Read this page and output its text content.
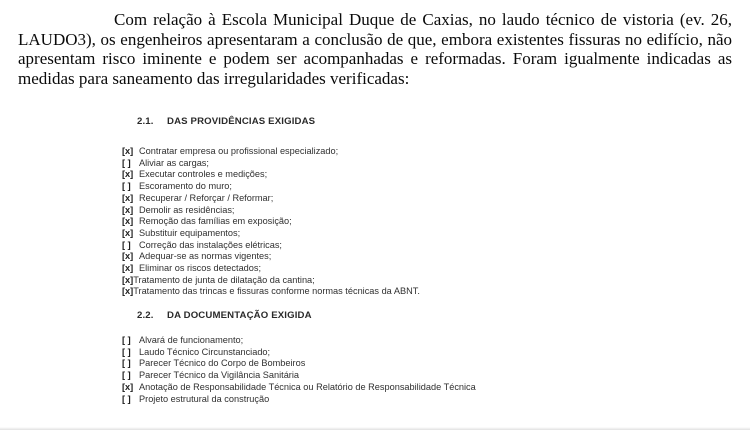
Com relação à Escola Municipal Duque de Caxias, no laudo técnico de vistoria (ev. 26, LAUDO3), os engenheiros apresentaram a conclusão de que, embora existentes fissuras no edifício, não apresentam risco iminente e podem ser acompanhadas e reformadas. Foram igualmente indicadas as medidas para saneamento das irregularidades verificadas:

2.1. DAS PROVIDÊNCIAS EXIGIDAS
[x] Contratar empresa ou profissional especializado;
[ ] Aliviar as cargas;
[x] Executar controles e medições;
[ ] Escoramento do muro;
[x] Recuperar / Reforçar / Reformar;
[x] Demolir as residências;
[x] Remoção das famílias em exposição;
[x] Substituir equipamentos;
[ ] Correção das instalações elétricas;
[x] Adequar-se as normas vigentes;
[x] Eliminar os riscos detectados;
[x]Tratamento de junta de dilatação da cantina;
[x]Tratamento das trincas e fissuras conforme normas técnicas da ABNT.
2.2. DA DOCUMENTAÇÃO EXIGIDA
[ ] Alvará de funcionamento;
[ ] Laudo Técnico Circunstanciado;
[ ] Parecer Técnico do Corpo de Bombeiros
[ ] Parecer Técnico da Vigilância Sanitária
[x] Anotação de Responsabilidade Técnica ou Relatório de Responsabilidade Técnica
[ ] Projeto estrutural da construção
